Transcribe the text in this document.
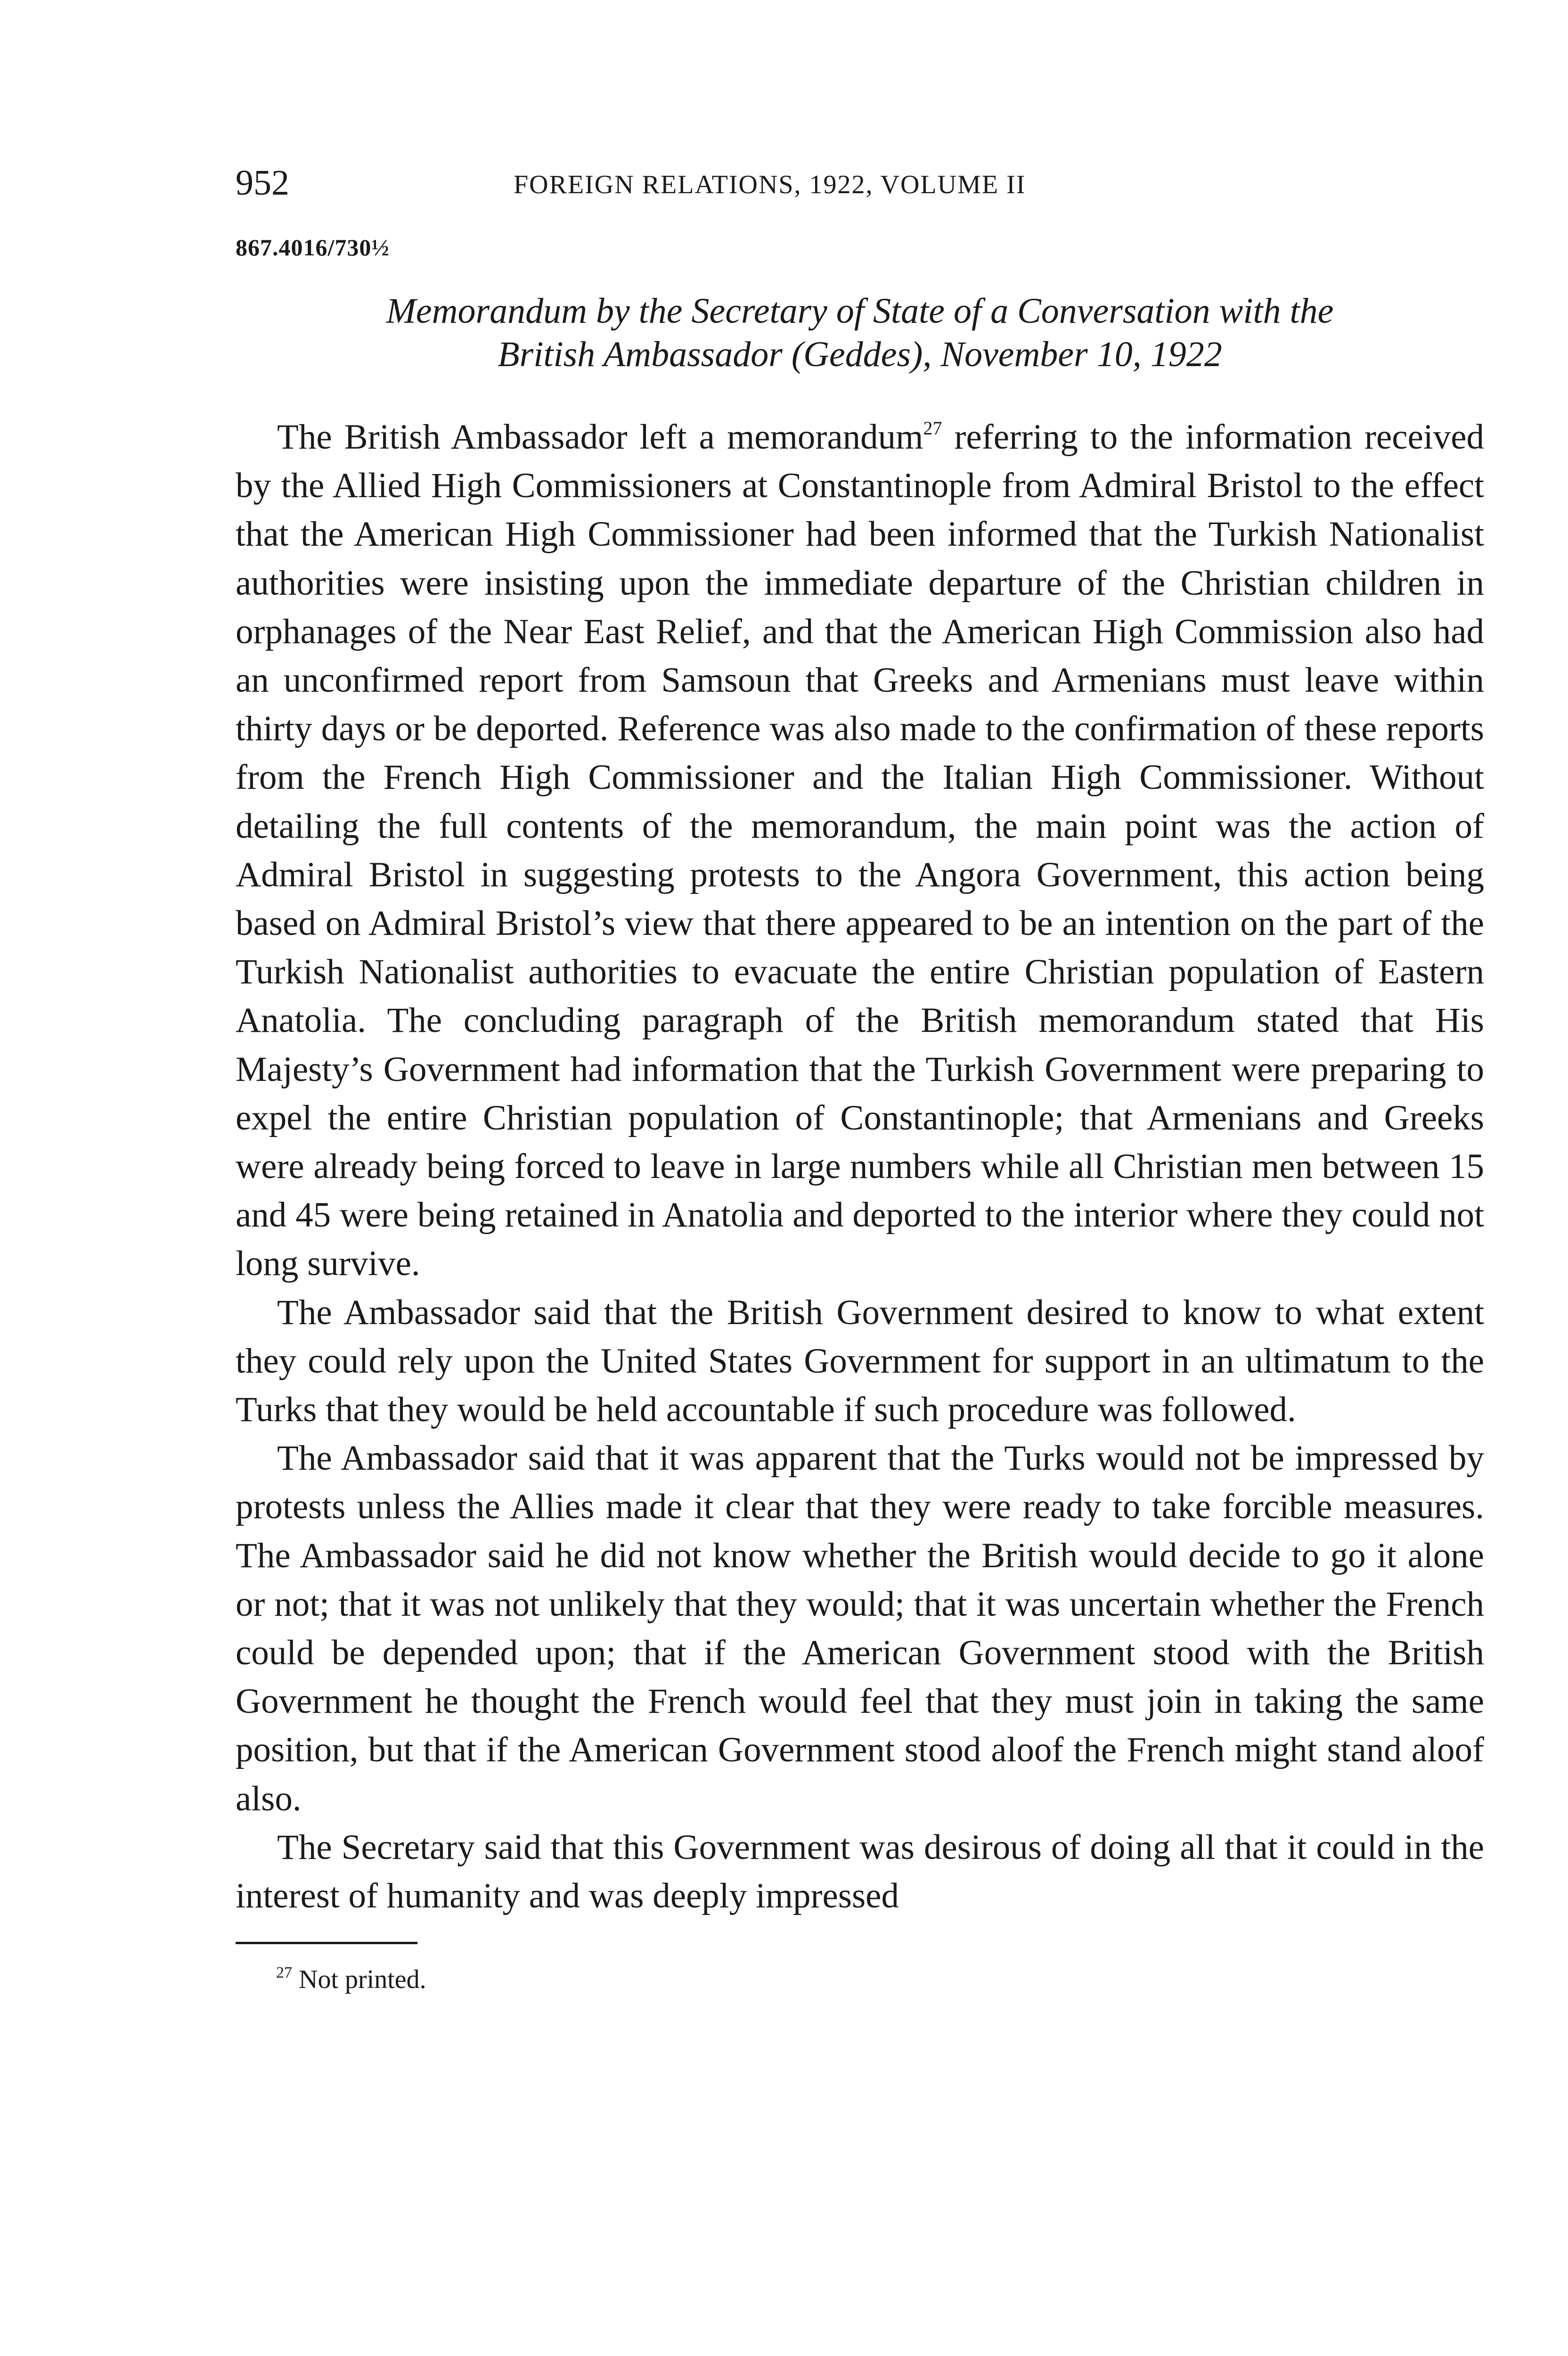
952	FOREIGN RELATIONS, 1922, VOLUME II
867.4016/730½
Memorandum by the Secretary of State of a Conversation with the
British Ambassador (Geddes), November 10, 1922

The British Ambassador left a memorandum$^{27}$ referring to the information received by the Allied High Commissioners at Constantinople from Admiral Bristol to the effect that the American High Commissioner had been informed that the Turkish Nationalist authorities were insisting upon the immediate departure of the Christian children in orphanages of the Near East Relief, and that the American High Commission also had an unconfirmed report from Samsoun that Greeks and Armenians must leave within thirty days or be deported. Reference was also made to the confirmation of these reports from the French High Commissioner and the Italian High Commissioner. Without detailing the full contents of the memorandum, the main point was the action of Admiral Bristol in suggesting protests to the Angora Government, this action being based on Admiral Bristol’s view that there appeared to be an intention on the part of the Turkish Nationalist authorities to evacuate the entire Christian population of Eastern Anatolia. The concluding paragraph of the British memorandum stated that His Majesty’s Government had information that the Turkish Government were preparing to expel the entire Christian population of Constantinople; that Armenians and Greeks were already being forced to leave in large numbers while all Christian men between 15 and 45 were being retained in Anatolia and deported to the interior where they could not long survive.

The Ambassador said that the British Government desired to know to what extent they could rely upon the United States Government for support in an ultimatum to the Turks that they would be held accountable if such procedure was followed.

The Ambassador said that it was apparent that the Turks would not be impressed by protests unless the Allies made it clear that they were ready to take forcible measures. The Ambassador said he did not know whether the British would decide to go it alone or not; that it was not unlikely that they would; that it was uncertain whether the French could be depended upon; that if the American Government stood with the British Government he thought the French would feel that they must join in taking the same position, but that if the American Government stood aloof the French might stand aloof also.

The Secretary said that this Government was desirous of doing all that it could in the interest of humanity and was deeply impressed

$^{27}$ Not printed.
